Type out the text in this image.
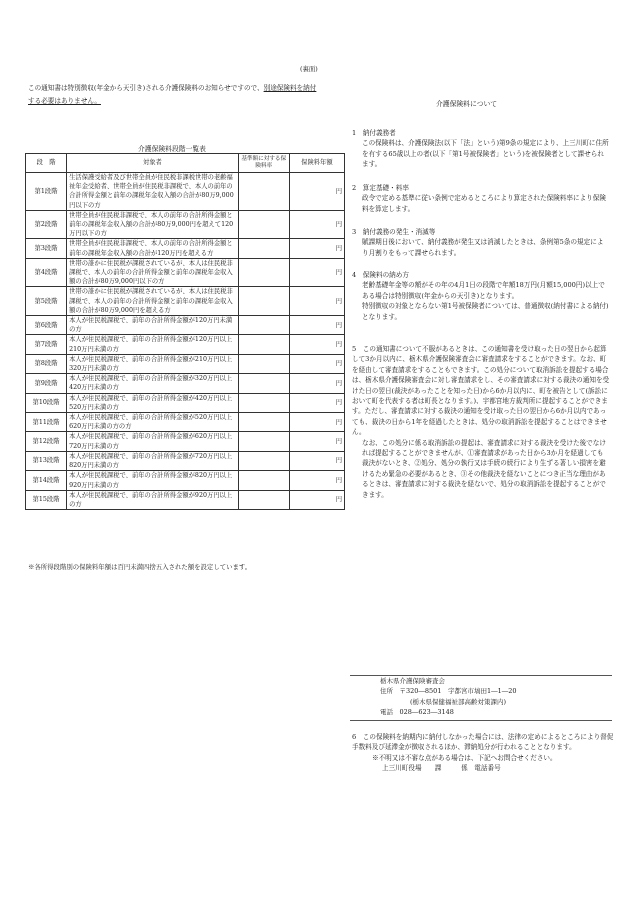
(裏面)
この通知書は特別徴収(年金から天引き)される介護保険料のお知らせですので、別途保険料を納付する必要はありません。	介護保険料について
介護保険料段階一覧表
段　階	対象者	基準額に対する保険料率	保険料年額
第1段階	生活保護受給者及び世帯全員が住民税非課税世帯の老齢福祉年金受給者、世帯全員が住民税非課税で、本人の前年の合計所得金額と前年の課税年金収入額の合計が80万9,000円以下の方		円
第2段階	世帯全員が住民税非課税で、本人の前年の合計所得金額と前年の課税年金収入額の合計が80万9,000円を超えて120万円以下の方		円
第3段階	世帯全員が住民税非課税で、本人の前年の合計所得金額と前年の課税年金収入額の合計が120万円を超える方		円
第4段階	世帯の誰かに住民税が課税されているが、本人は住民税非課税で、本人の前年の合計所得金額と前年の課税年金収入額の合計が80万9,000円以下の方		円
第5段階	世帯の誰かに住民税が課税されているが、本人は住民税非課税で、本人の前年の合計所得金額と前年の課税年金収入額の合計が80万9,000円を超える方		円
第6段階	本人が住民税課税で、前年の合計所得金額が120万円未満の方		円
第7段階	本人が住民税課税で、前年の合計所得金額が120万円以上210万円未満の方		円
第8段階	本人が住民税課税で、前年の合計所得金額が210万円以上320万円未満の方		円
第9段階	本人が住民税課税で、前年の合計所得金額が320万円以上420万円未満の方		円
第10段階	本人が住民税課税で、前年の合計所得金額が420万円以上520万円未満の方		円
第11段階	本人が住民税課税で、前年の合計所得金額が520万円以上620万円未満の方の方		円
第12段階	本人が住民税課税で、前年の合計所得金額が620万円以上720万円未満の方		円
第13段階	本人が住民税課税で、前年の合計所得金額が720万円以上820万円未満の方		円
第14段階	本人が住民税課税で、前年の合計所得金額が820万円以上920万円未満の方		円
第15段階	本人が住民税課税で、前年の合計所得金額が920万円以上の方		円
※各所得段階別の保険料年額は百円未満四捨五入された額を設定しています。
1　納付義務者
この保険料は、介護保険法(以下「法」という)第9条の規定により、上三川町に住所を有する65歳以上の者(以下「第1号被保険者」という)を被保険者として課せられます。
2　算定基礎・料率
政令で定める基準に従い条例で定めるところにより算定された保険料率により保険料を算定します。
3　納付義務の発生・消滅等
賦課期日後において、納付義務が発生又は消滅したときは、条例第5条の規定により月割りをもって課せられます。
4　保険料の納め方
老齢基礎年金等の額がその年の4月1日の段階で年額18万円(月額15,000円)以上である場合は特別徴収(年金からの天引き)となります。
特別徴収の対象とならない第1号被保険者については、普通徴収(納付書による納付)となります。
5　この通知書について不服があるときは、この通知書を受け取った日の翌日から起算して3か月以内に、栃木県介護保険審査会に審査請求をすることができます。なお、町を経由して審査請求をすることもできます。この処分について取消訴訟を提起する場合は、栃木県介護保険審査会に対し審査請求をし、その審査請求に対する裁決の通知を受けた日の翌日(裁決があったことを知った日)から6か月以内に、町を被告として(訴訟において町を代表する者は町長となります。)、宇都宮地方裁判所に提起することができます。ただし、審査請求に対する裁決の通知を受け取った日の翌日から6か月以内であっても、裁決の日から1年を経過したときは、処分の取消訴訟を提起することはできません。
なお、この処分に係る取消訴訟の提起は、審査請求に対する裁決を受けた後でなければ提起することができませんが、①審査請求があった日から3か月を経過しても裁決がないとき、②処分、処分の執行又は手続の続行により生ずる著しい損害を避けるため緊急の必要があるとき、③その他裁決を経ないことにつき正当な理由があるときは、審査請求に対する裁決を経ないで、処分の取消訴訟を提起することができます。
栃木県介護保険審査会
住所　〒320―8501　宇都宮市塙田1―1―20
(栃木県保健福祉部高齢対策課内)
電話　028―623―3148
6　この保険料を納期内に納付しなかった場合には、法律の定めによるところにより督促手数料及び延滞金が徴収されるほか、滞納処分が行われることとなります。
※不明又は不審な点がある場合は、下記へお問合せください。
上三川町役場　　課　　　係　電話番号
